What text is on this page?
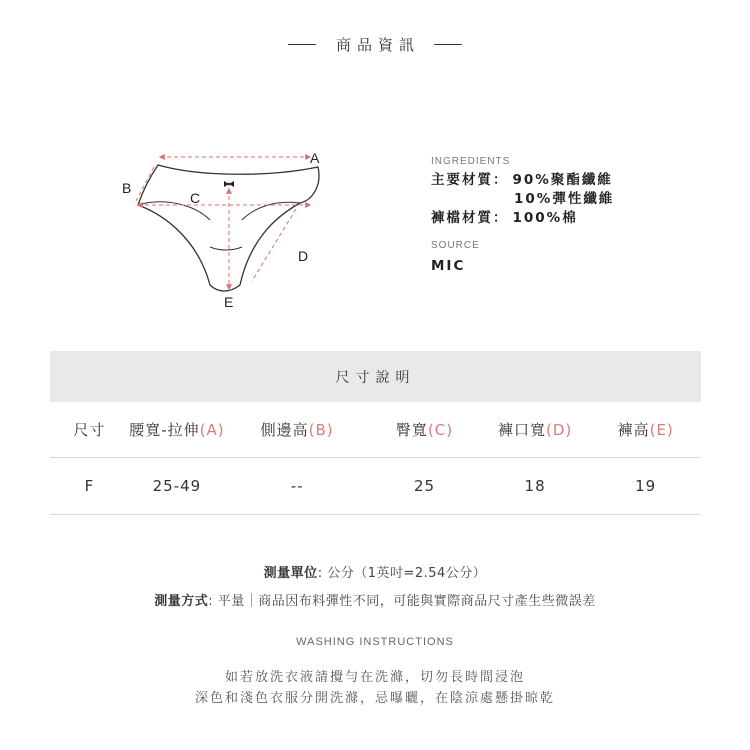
商品資訊
A
B
C
D
E
INGREDIENTS
主要材質： 90%聚酯纖維
10%彈性纖維
褲檔材質： 100%棉
SOURCE
MIC
尺寸說明
尺寸	腰寬-拉伸(A)	側邊高(B)	臀寬(C)	褲口寬(D)	褲高(E)
F	25-49	--	25	18	19
測量單位: 公分（1英吋=2.54公分）
測量方式: 平量｜商品因布料彈性不同，可能與實際商品尺寸產生些微誤差
WASHING INSTRUCTIONS
如若放洗衣液請攪勻在洗滌，切勿長時間浸泡
深色和淺色衣服分開洗滌，忌曝曬，在陰涼處懸掛晾乾
